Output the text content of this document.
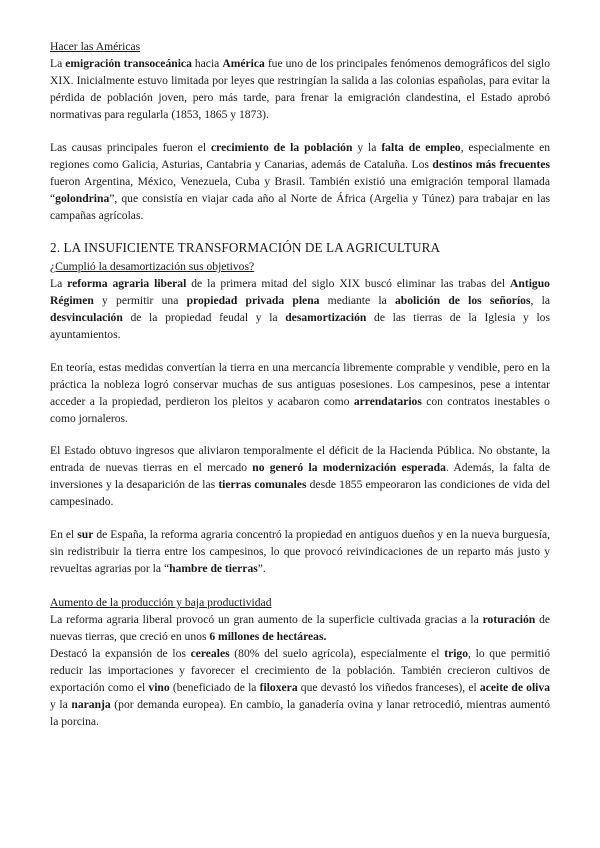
Hacer las Américas

La emigración transoceánica hacia América fue uno de los principales fenómenos demográficos del siglo XIX. Inicialmente estuvo limitada por leyes que restringían la salida a las colonias españolas, para evitar la pérdida de población joven, pero más tarde, para frenar la emigración clandestina, el Estado aprobó normativas para regularla (1853, 1865 y 1873).

Las causas principales fueron el crecimiento de la población y la falta de empleo, especialmente en regiones como Galicia, Asturias, Cantabria y Canarias, además de Cataluña. Los destinos más frecuentes fueron Argentina, México, Venezuela, Cuba y Brasil. También existió una emigración temporal llamada “golondrina”, que consistía en viajar cada año al Norte de África (Argelia y Túnez) para trabajar en las campañas agrícolas.

2. LA INSUFICIENTE TRANSFORMACIÓN DE LA AGRICULTURA
¿Cumplió la desamortización sus objetivos?

La reforma agraria liberal de la primera mitad del siglo XIX buscó eliminar las trabas del Antiguo Régimen y permitir una propiedad privada plena mediante la abolición de los señoríos, la desvinculación de la propiedad feudal y la desamortización de las tierras de la Iglesia y los ayuntamientos.

En teoría, estas medidas convertían la tierra en una mercancía libremente comprable y vendible, pero en la práctica la nobleza logró conservar muchas de sus antiguas posesiones. Los campesinos, pese a intentar acceder a la propiedad, perdieron los pleitos y acabaron como arrendatarios con contratos inestables o como jornaleros.

El Estado obtuvo ingresos que aliviaron temporalmente el déficit de la Hacienda Pública. No obstante, la entrada de nuevas tierras en el mercado no generó la modernización esperada. Además, la falta de inversiones y la desaparición de las tierras comunales desde 1855 empeoraron las condiciones de vida del campesinado.

En el sur de España, la reforma agraria concentró la propiedad en antiguos dueños y en la nueva burguesía, sin redistribuir la tierra entre los campesinos, lo que provocó reivindicaciones de un reparto más justo y revueltas agrarias por la “hambre de tierras”.

Aumento de la producción y baja productividad

La reforma agraria liberal provocó un gran aumento de la superficie cultivada gracias a la roturación de nuevas tierras, que creció en unos 6 millones de hectáreas.

Destacó la expansión de los cereales (80% del suelo agrícola), especialmente el trigo, lo que permitió reducir las importaciones y favorecer el crecimiento de la población. También crecieron cultivos de exportación como el vino (beneficiado de la filoxera que devastó los viñedos franceses), el aceite de oliva y la naranja (por demanda europea). En cambio, la ganadería ovina y lanar retrocedió, mientras aumentó la porcina.
